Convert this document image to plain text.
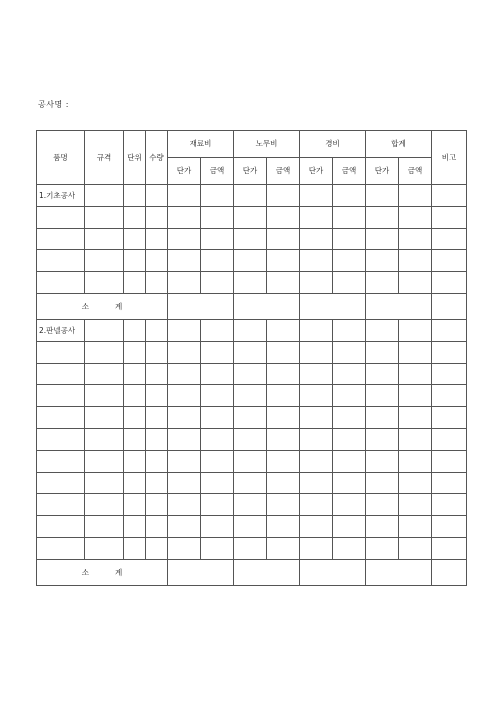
공사명 :
품명	규격	단위	수량	재료비		노무비		경비		합계		비고
				단가	금액	단가	금액	단가	금액	단가	금액	
1.기초공사												

소 계												
2.판넬공사												

소 계												
